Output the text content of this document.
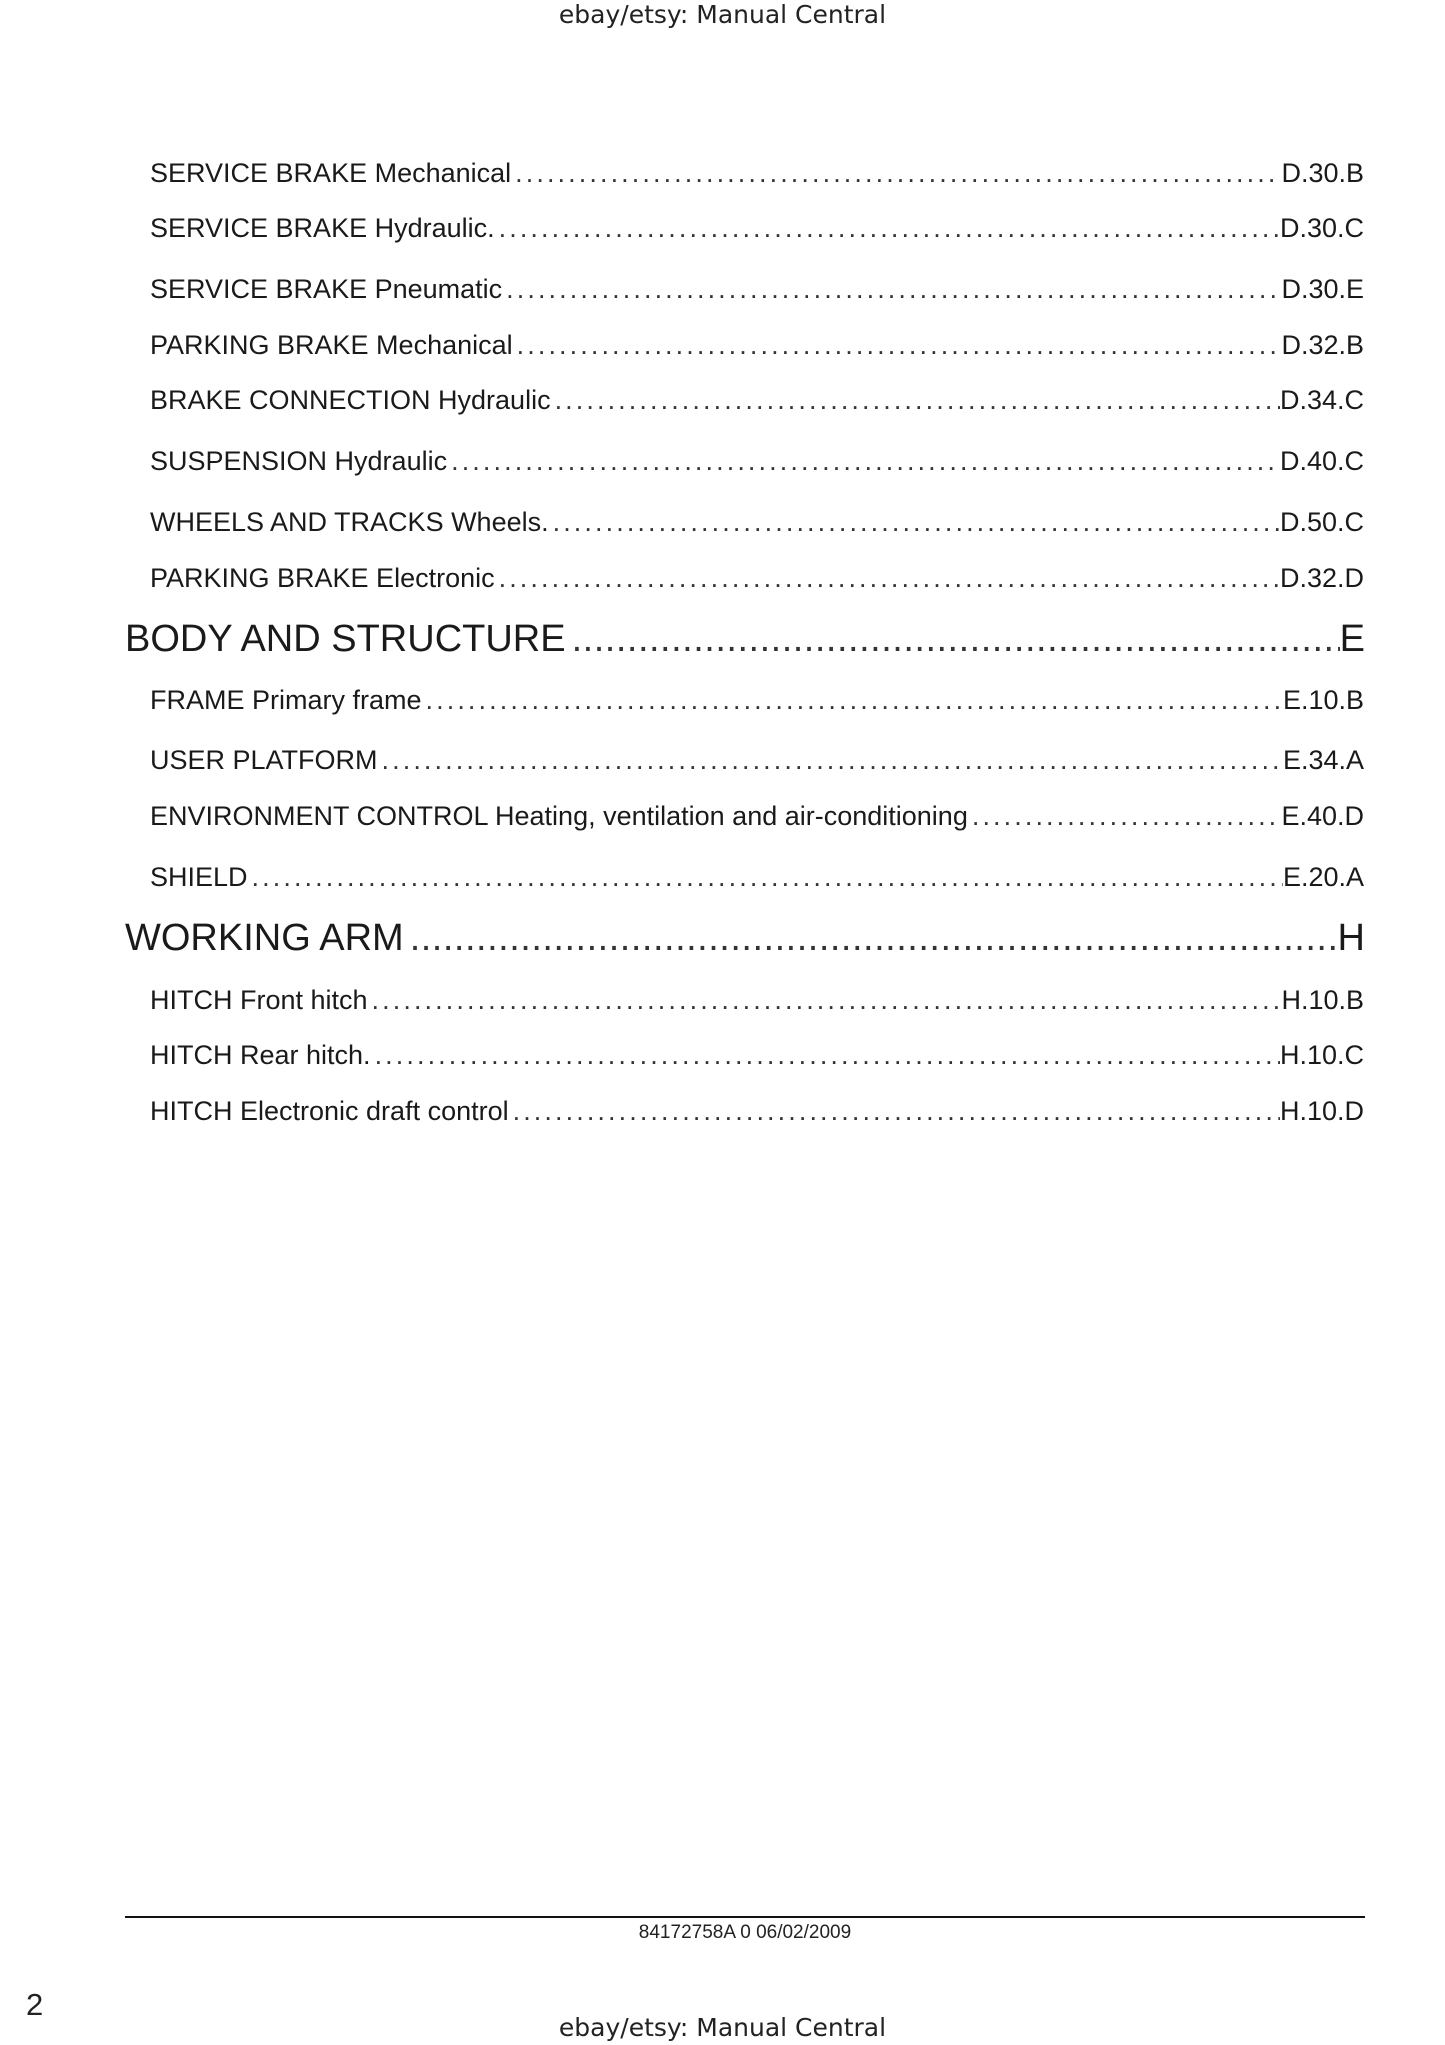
ebay/etsy: Manual Central
SERVICE BRAKE Mechanical .....	D.30.B
SERVICE BRAKE Hydraulic. .....	D.30.C
SERVICE BRAKE Pneumatic .....	D.30.E
PARKING BRAKE Mechanical .....	D.32.B
BRAKE CONNECTION Hydraulic .....	D.34.C
SUSPENSION Hydraulic .....	D.40.C
WHEELS AND TRACKS Wheels. .....	D.50.C
PARKING BRAKE Electronic .....	D.32.D
BODY AND STRUCTURE .....	E
FRAME Primary frame .....	E.10.B
USER PLATFORM .....	E.34.A
ENVIRONMENT CONTROL Heating, ventilation and air-conditioning .....	E.40.D
SHIELD .....	E.20.A
WORKING ARM .....	H
HITCH Front hitch .....	H.10.B
HITCH Rear hitch. .....	H.10.C
HITCH Electronic draft control .....	H.10.D
84172758A 0 06/02/2009
2
ebay/etsy: Manual Central
